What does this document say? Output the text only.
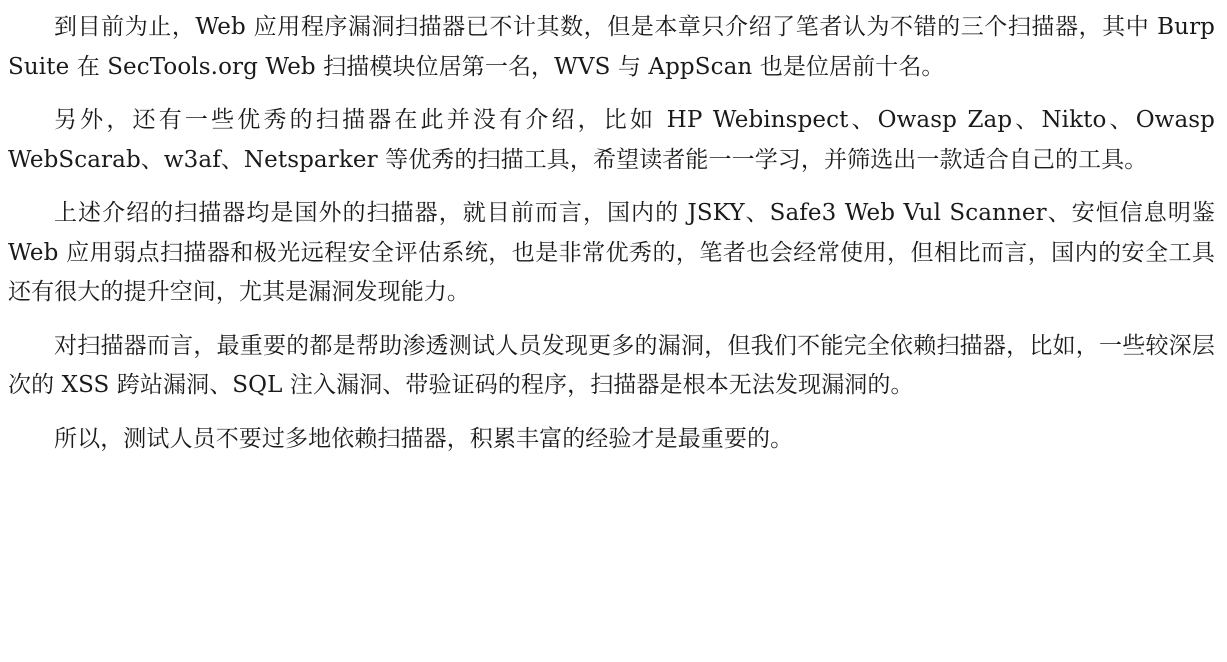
到目前为止，Web 应用程序漏洞扫描器已不计其数，但是本章只介绍了笔者认为不错的三个扫描器，其中 Burp Suite 在 SecTools.org Web 扫描模块位居第一名，WVS 与 AppScan 也是位居前十名。

另外，还有一些优秀的扫描器在此并没有介绍，比如 HP Webinspect、Owasp Zap、Nikto、Owasp WebScarab、w3af、Netsparker 等优秀的扫描工具，希望读者能一一学习，并筛选出一款适合自己的工具。

上述介绍的扫描器均是国外的扫描器，就目前而言，国内的 JSKY、Safe3 Web Vul Scanner、安恒信息明鉴 Web 应用弱点扫描器和极光远程安全评估系统，也是非常优秀的，笔者也会经常使用，但相比而言，国内的安全工具还有很大的提升空间，尤其是漏洞发现能力。

对扫描器而言，最重要的都是帮助渗透测试人员发现更多的漏洞，但我们不能完全依赖扫描器，比如，一些较深层次的 XSS 跨站漏洞、SQL 注入漏洞、带验证码的程序，扫描器是根本无法发现漏洞的。

所以，测试人员不要过多地依赖扫描器，积累丰富的经验才是最重要的。
